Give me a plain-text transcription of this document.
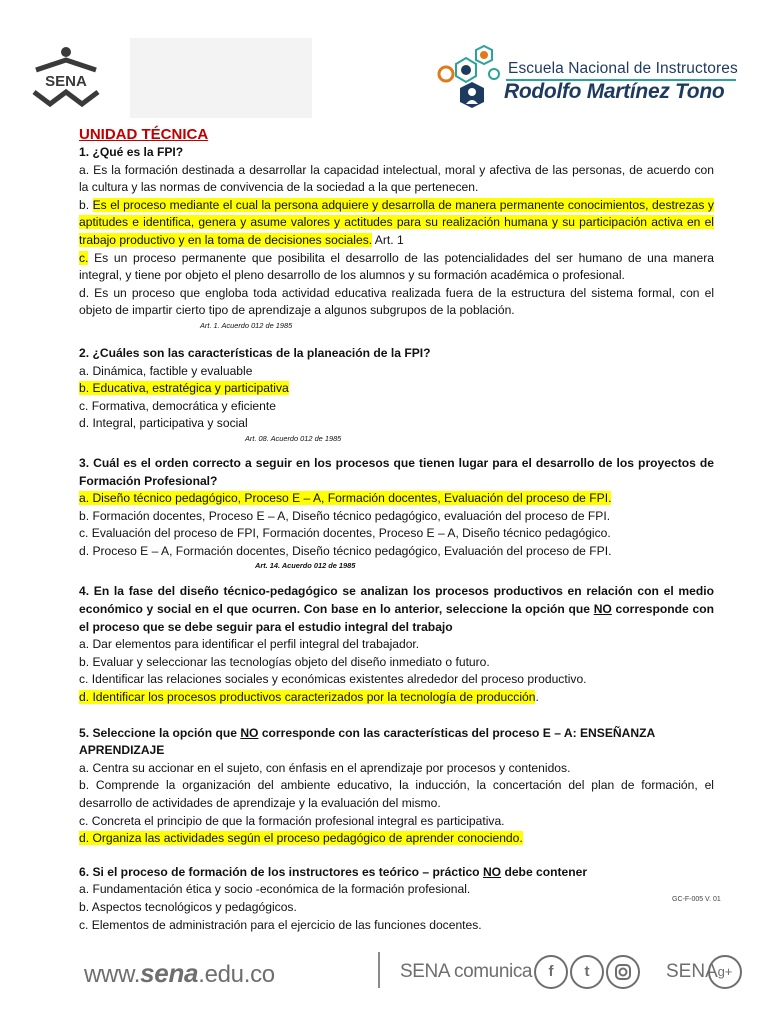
SENA
Escuela Nacional de Instructores
Rodolfo Martínez Tono

UNIDAD TÉCNICA

1. ¿Qué es la FPI?

a. Es la formación destinada a desarrollar la capacidad intelectual, moral y afectiva de las personas, de acuerdo con la cultura y las normas de convivencia de la sociedad a la que pertenecen.

b. Es el proceso mediante el cual la persona adquiere y desarrolla de manera permanente conocimientos, destrezas y aptitudes e identifica, genera y asume valores y actitudes para su realización humana y su participación activa en el trabajo productivo y en la toma de decisiones sociales. Art. 1

c. Es un proceso permanente que posibilita el desarrollo de las potencialidades del ser humano de una manera integral, y tiene por objeto el pleno desarrollo de los alumnos y su formación académica o profesional.

d. Es un proceso que engloba toda actividad educativa realizada fuera de la estructura del sistema formal, con el objeto de impartir cierto tipo de aprendizaje a algunos subgrupos de la población.

Art. 1. Acuerdo 012 de 1985

2. ¿Cuáles son las características de la planeación de la FPI?

a. Dinámica, factible y evaluable

b. Educativa, estratégica y participativa

c. Formativa, democrática y eficiente

d. Integral, participativa y social

Art. 08. Acuerdo 012 de 1985

3. Cuál es el orden correcto a seguir en los procesos que tienen lugar para el desarrollo de los proyectos de Formación Profesional?

a. Diseño técnico pedagógico, Proceso E – A, Formación docentes, Evaluación del proceso de FPI.

b. Formación docentes, Proceso E – A, Diseño técnico pedagógico, evaluación del proceso de FPI.

c. Evaluación del proceso de FPI, Formación docentes, Proceso E – A, Diseño técnico pedagógico.

d. Proceso E – A, Formación docentes, Diseño técnico pedagógico, Evaluación del proceso de FPI.

Art. 14. Acuerdo 012 de 1985

4. En la fase del diseño técnico-pedagógico se analizan los procesos productivos en relación con el medio económico y social en el que ocurren. Con base en lo anterior, seleccione la opción que NO corresponde con el proceso que se debe seguir para el estudio integral del trabajo

a. Dar elementos para identificar el perfil integral del trabajador.

b. Evaluar y seleccionar las tecnologías objeto del diseño inmediato o futuro.

c. Identificar las relaciones sociales y económicas existentes alrededor del proceso productivo.

d. Identificar los procesos productivos caracterizados por la tecnología de producción.

5. Seleccione la opción que NO corresponde con las características del proceso E – A: ENSEÑANZA APRENDIZAJE

a. Centra su accionar en el sujeto, con énfasis en el aprendizaje por procesos y contenidos.

b. Comprende la organización del ambiente educativo, la inducción, la concertación del plan de formación, el desarrollo de actividades de aprendizaje y la evaluación del mismo.

c. Concreta el principio de que la formación profesional integral es participativa.

d. Organiza las actividades según el proceso pedagógico de aprender conociendo.

6. Si el proceso de formación de los instructores es teórico – práctico NO debe contener

a. Fundamentación ética y socio -económica de la formación profesional.

b. Aspectos tecnológicos y pedagógicos.

c. Elementos de administración para el ejercicio de las funciones docentes.

GC-F-005 V. 01
www.sena.edu.co	SENA comunica	f	t	SENA g+
